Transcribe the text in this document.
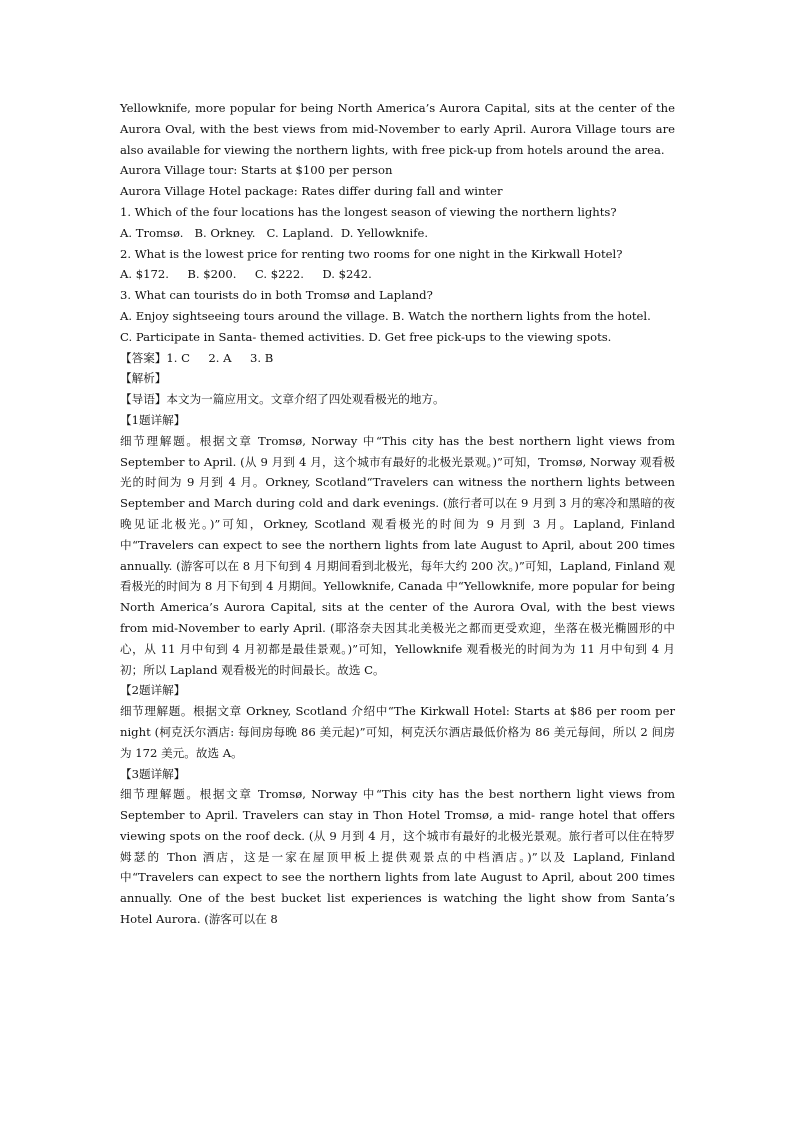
Yellowknife, more popular for being North America’s Aurora Capital, sits at the center of the Aurora Oval, with the best views from mid-November to early April. Aurora Village tours are also available for viewing the northern lights, with free pick-up from hotels around the area.

Aurora Village tour: Starts at $100 per person

Aurora Village Hotel package: Rates differ during fall and winter

1. Which of the four locations has the longest season of viewing the northern lights?

A. Tromsø.   B. Orkney.   C. Lapland.  D. Yellowknife.

2. What is the lowest price for renting two rooms for one night in the Kirkwall Hotel?

A. $172.     B. $200.     C. $222.     D. $242.

3. What can tourists do in both Tromsø and Lapland?

A. Enjoy sightseeing tours around the village. B. Watch the northern lights from the hotel.

C. Participate in Santa- themed activities. D. Get free pick-ups to the viewing spots.

【答案】1. C     2. A     3. B

【解析】

【导语】本文为一篇应用文。文章介绍了四处观看极光的地方。

【1题详解】

细节理解题。根据文章 Tromsø, Norway 中“This city has the best northern light views from September to April. (从 9 月到 4 月，这个城市有最好的北极光景观。)”可知，Tromsø, Norway 观看极光的时间为 9 月到 4 月。Orkney, Scotland“Travelers can witness the northern lights between September and March during cold and dark evenings. (旅行者可以在 9 月到 3 月的寒冷和黑暗的夜晚见证北极光。)”可知，Orkney, Scotland 观看极光的时间为 9 月到 3 月。Lapland, Finland 中“Travelers can expect to see the northern lights from late August to April, about 200 times annually. (游客可以在 8 月下旬到 4 月期间看到北极光，每年大约 200 次。)”可知，Lapland, Finland 观看极光的时间为 8 月下旬到 4 月期间。Yellowknife, Canada 中“Yellowknife, more popular for being North America’s Aurora Capital, sits at the center of the Aurora Oval, with the best views from mid-November to early April. (耶洛奈夫因其北美极光之都而更受欢迎，坐落在极光椭圆形的中心，从 11 月中旬到 4 月初都是最佳景观。)”可知，Yellowknife 观看极光的时间为为 11 月中旬到 4 月初；所以 Lapland 观看极光的时间最长。故选 C。

【2题详解】

细节理解题。根据文章 Orkney, Scotland 介绍中“The Kirkwall Hotel: Starts at $86 per room per night (柯克沃尔酒店: 每间房每晚 86 美元起)”可知，柯克沃尔酒店最低价格为 86 美元每间，所以 2 间房为 172 美元。故选 A。

【3题详解】

细节理解题。根据文章 Tromsø, Norway 中“This city has the best northern light views from September to April. Travelers can stay in Thon Hotel Tromsø, a mid- range hotel that offers viewing spots on the roof deck. (从 9 月到 4 月，这个城市有最好的北极光景观。旅行者可以住在特罗姆瑟的 Thon 酒店，这是一家在屋顶甲板上提供观景点的中档酒店。)”以及 Lapland, Finland 中“Travelers can expect to see the northern lights from late August to April, about 200 times annually. One of the best bucket list experiences is watching the light show from Santa’s Hotel Aurora. (游客可以在 8
